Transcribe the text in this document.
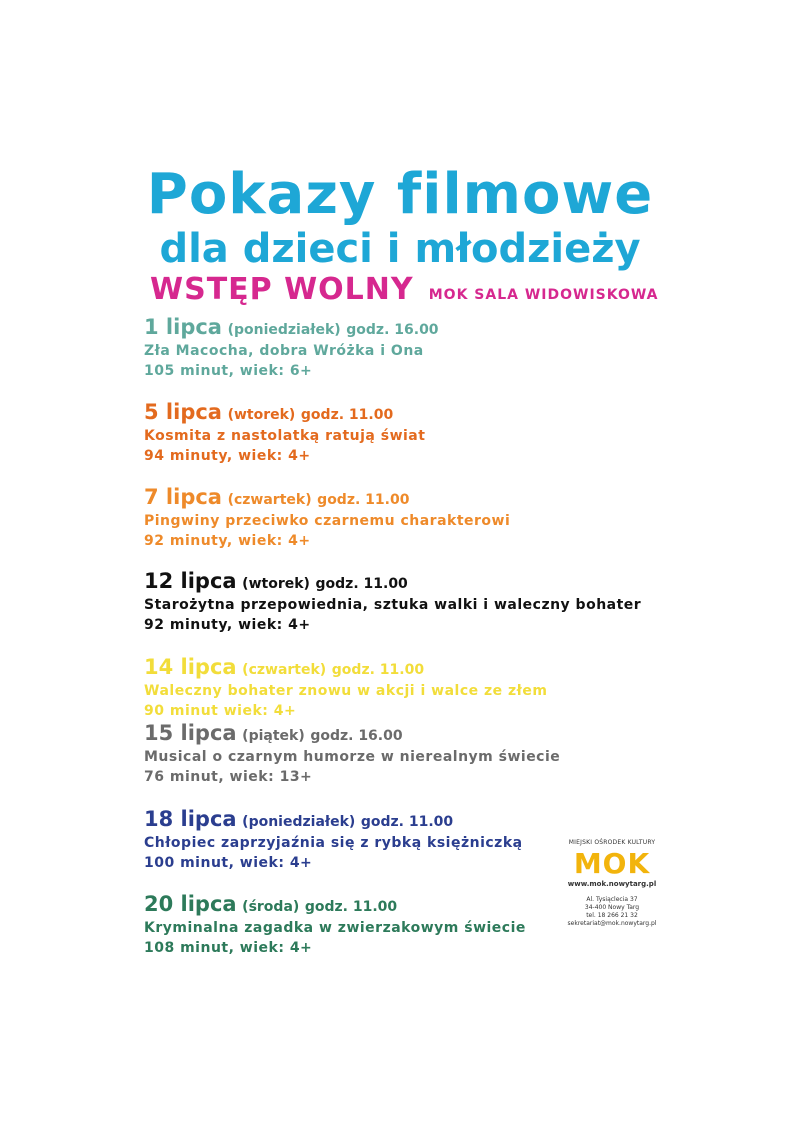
Pokazy filmowe
dla dzieci i młodzieży
WSTĘP WOLNY MOK SALA WIDOWISKOWA
1 lipca (poniedziałek) godz. 16.00
Zła Macocha, dobra Wróżka i Ona
105 minut, wiek: 6+
5 lipca (wtorek) godz. 11.00
Kosmita z nastolatką ratują świat
94 minuty, wiek: 4+
7 lipca (czwartek) godz. 11.00
Pingwiny przeciwko czarnemu charakterowi
92 minuty, wiek: 4+
12 lipca (wtorek) godz. 11.00
Starożytna przepowiednia, sztuka walki i waleczny bohater
92 minuty, wiek: 4+
14 lipca (czwartek) godz. 11.00
Waleczny bohater znowu w akcji i walce ze złem
90 minut wiek: 4+
15 lipca (piątek) godz. 16.00
Musical o czarnym humorze w nierealnym świecie
76 minut, wiek: 13+
18 lipca (poniedziałek) godz. 11.00
Chłopiec zaprzyjaźnia się z rybką księżniczką
100 minut, wiek: 4+
20 lipca (środa) godz. 11.00
Kryminalna zagadka w zwierzakowym świecie
108 minut, wiek: 4+
MIEJSKI OŚRODEK KULTURY
MOK
www.mok.nowytarg.pl
Al. Tysiąclecia 37
34-400 Nowy Targ
tel. 18 266 21 32
sekretariat@mok.nowytarg.pl
